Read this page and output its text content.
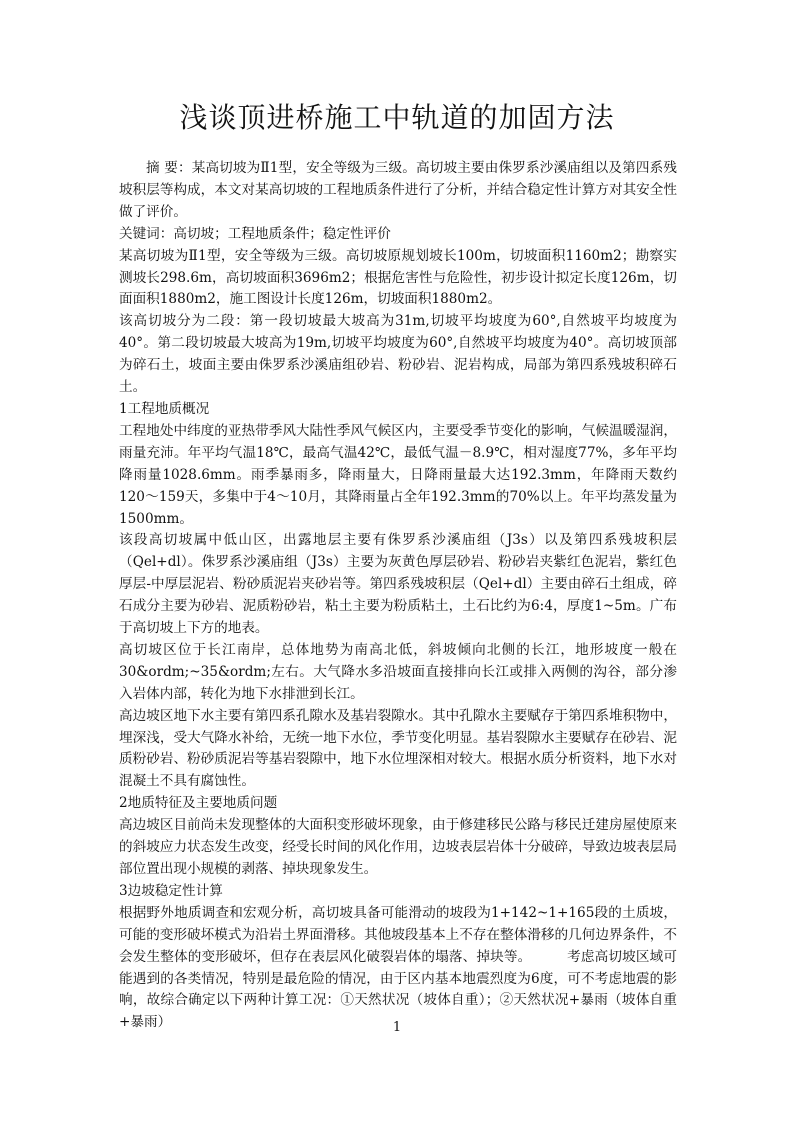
浅谈顶进桥施工中轨道的加固方法

摘 要：某高切坡为Ⅱ1型，安全等级为三级。高切坡主要由侏罗系沙溪庙组以及第四系残坡积层等构成，本文对某高切坡的工程地质条件进行了分析，并结合稳定性计算方对其安全性做了评价。

关键词：高切坡；工程地质条件；稳定性评价

某高切坡为Ⅱ1型，安全等级为三级。高切坡原规划坡长100m，切坡面积1160m2；勘察实测坡长298.6m，高切坡面积3696m2；根据危害性与危险性，初步设计拟定长度126m，切面面积1880m2，施工图设计长度126m，切坡面积1880m2。

该高切坡分为二段：第一段切坡最大坡高为31m,切坡平均坡度为60°,自然坡平均坡度为40°。第二段切坡最大坡高为19m,切坡平均坡度为60°,自然坡平均坡度为40°。高切坡顶部为碎石土，坡面主要由侏罗系沙溪庙组砂岩、粉砂岩、泥岩构成，局部为第四系残坡积碎石土。

1工程地质概况

工程地处中纬度的亚热带季风大陆性季风气候区内，主要受季节变化的影响，气候温暖湿润，雨量充沛。年平均气温18℃，最高气温42℃，最低气温－8.9℃，相对湿度77%，多年平均降雨量1028.6mm。雨季暴雨多，降雨量大，日降雨量最大达192.3mm，年降雨天数约120～159天，多集中于4～10月，其降雨量占全年192.3mm的70%以上。年平均蒸发量为1500mm。

该段高切坡属中低山区，出露地层主要有侏罗系沙溪庙组（J3s）以及第四系残坡积层（Qel+dl）。侏罗系沙溪庙组（J3s）主要为灰黄色厚层砂岩、粉砂岩夹紫红色泥岩，紫红色厚层-中厚层泥岩、粉砂质泥岩夹砂岩等。第四系残坡积层（Qel+dl）主要由碎石土组成，碎石成分主要为砂岩、泥质粉砂岩，粘土主要为粉质粘土，土石比约为6:4，厚度1~5m。广布于高切坡上下方的地表。

高切坡区位于长江南岸，总体地势为南高北低，斜坡倾向北侧的长江，地形坡度一般在30&ordm;~35&ordm;左右。大气降水多沿坡面直接排向长江或排入两侧的沟谷，部分渗入岩体内部，转化为地下水排泄到长江。

高边坡区地下水主要有第四系孔隙水及基岩裂隙水。其中孔隙水主要赋存于第四系堆积物中，埋深浅，受大气降水补给，无统一地下水位，季节变化明显。基岩裂隙水主要赋存在砂岩、泥质粉砂岩、粉砂质泥岩等基岩裂隙中，地下水位埋深相对较大。根据水质分析资料，地下水对混凝土不具有腐蚀性。

2地质特征及主要地质问题

高边坡区目前尚未发现整体的大面积变形破坏现象，由于修建移民公路与移民迁建房屋使原来的斜坡应力状态发生改变，经受长时间的风化作用，边坡表层岩体十分破碎，导致边坡表层局部位置出现小规模的剥落、掉块现象发生。

3边坡稳定性计算

根据野外地质调查和宏观分析，高切坡具备可能滑动的坡段为1+142~1+165段的土质坡，可能的变形破坏模式为沿岩土界面滑移。其他坡段基本上不存在整体滑移的几何边界条件，不会发生整体的变形破坏，但存在表层风化破裂岩体的塌落、掉块等。        考虑高切坡区域可能遇到的各类情况，特别是最危险的情况，由于区内基本地震烈度为6度，可不考虑地震的影响，故综合确定以下两种计算工况：①天然状况（坡体自重）；②天然状况+暴雨（坡体自重+暴雨）	1
